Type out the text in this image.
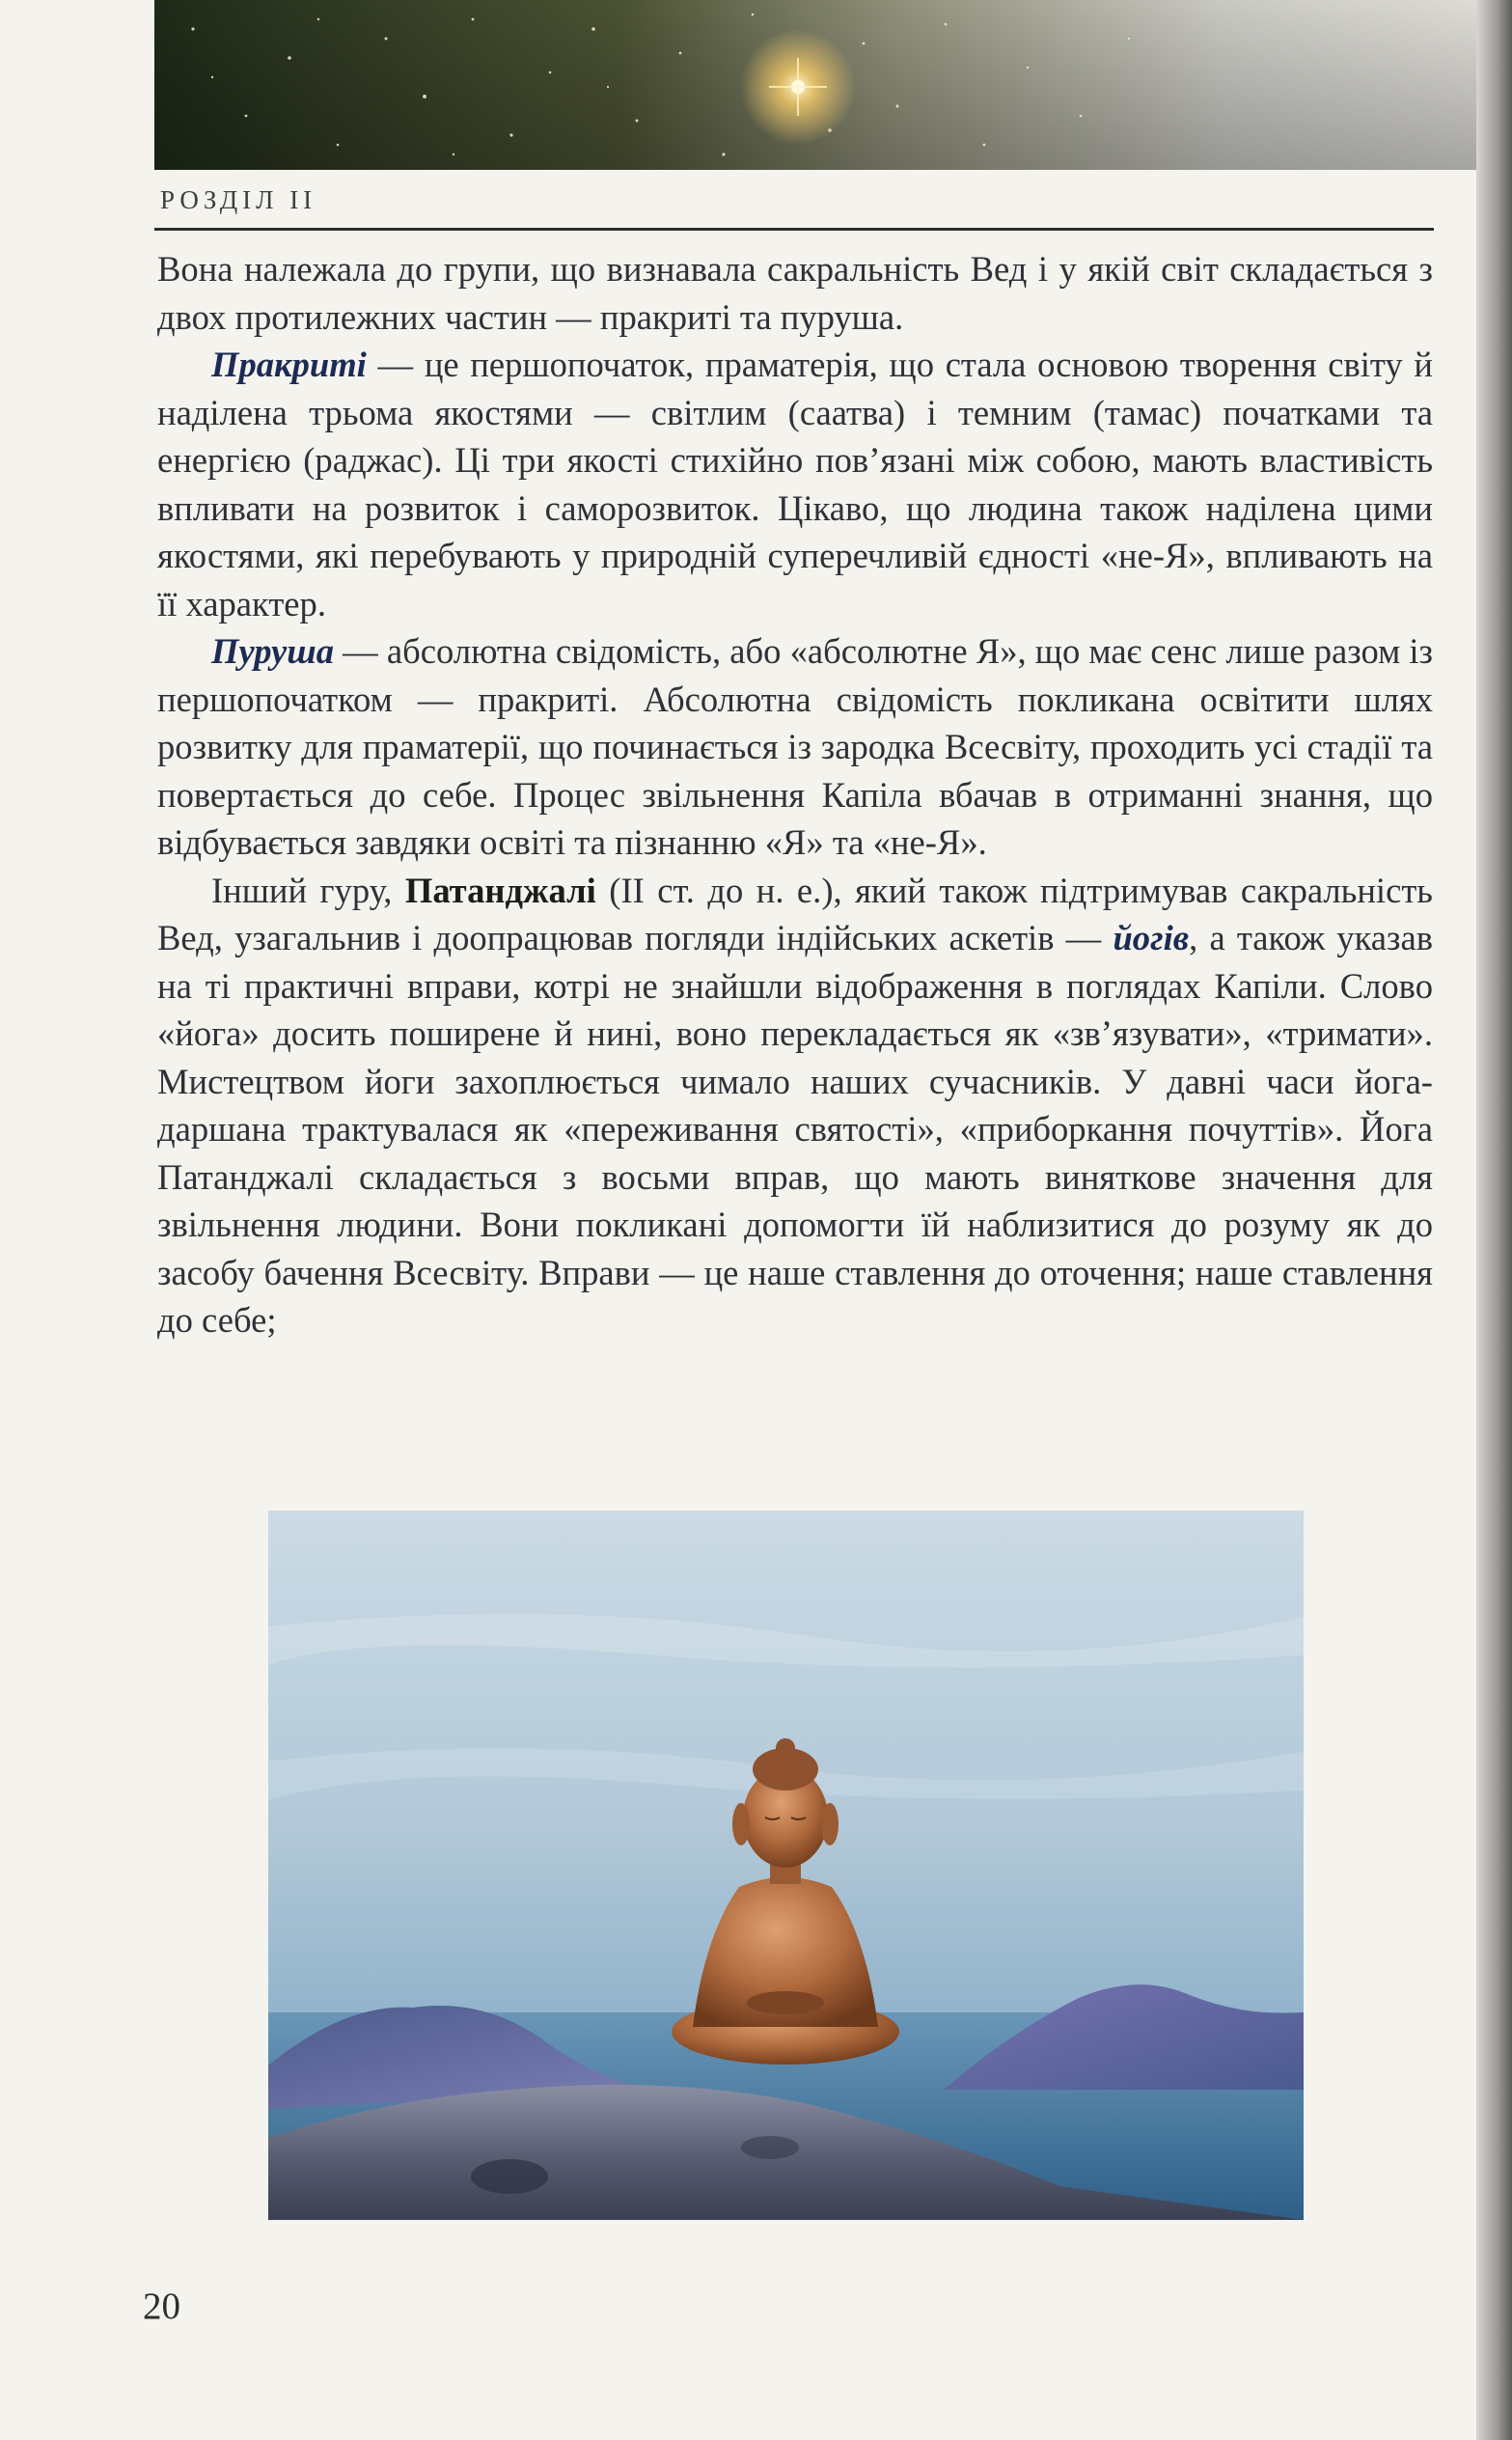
РОЗДІЛ II

Вона належала до групи, що визнавала сакральність Вед і у якій світ складається з двох протилежних частин — пракриті та пуруша.

Пракриті — це першопочаток, праматерія, що стала основою творення світу й наділена трьома якостями — світлим (саатва) і темним (тамас) початками та енергією (раджас). Ці три якості стихійно пов’язані між собою, мають властивість впливати на розвиток і саморозвиток. Цікаво, що людина також наділена цими якостями, які перебувають у природній суперечливій єдності «не-Я», впливають на її характер.

Пуруша — абсолютна свідомість, або «абсолютне Я», що має сенс лише разом із першопочатком — пракриті. Абсолютна свідомість покликана освітити шлях розвитку для праматерії, що починається із зародка Всесвіту, проходить усі стадії та повертається до себе. Процес звільнення Капіла вбачав в отриманні знання, що відбувається завдяки освіті та пізнанню «Я» та «не-Я».

Інший гуру, Патанджалі (II ст. до н. е.), який також підтримував сакральність Вед, узагальнив і доопрацював погляди індійських аскетів — йогів, а також указав на ті практичні вправи, котрі не знайшли відображення в поглядах Капіли. Слово «йога» досить поширене й нині, воно перекладається як «зв’язувати», «тримати». Мистецтвом йоги захоплюється чимало наших сучасників. У давні часи йога-даршана трактувалася як «переживання святості», «приборкання почуттів». Йога Патанджалі складається з восьми вправ, що мають виняткове значення для звільнення людини. Вони покликані допомогти їй наблизитися до розуму як до засобу бачення Всесвіту. Вправи — це наше ставлення до оточення; наше ставлення до себе;

20
